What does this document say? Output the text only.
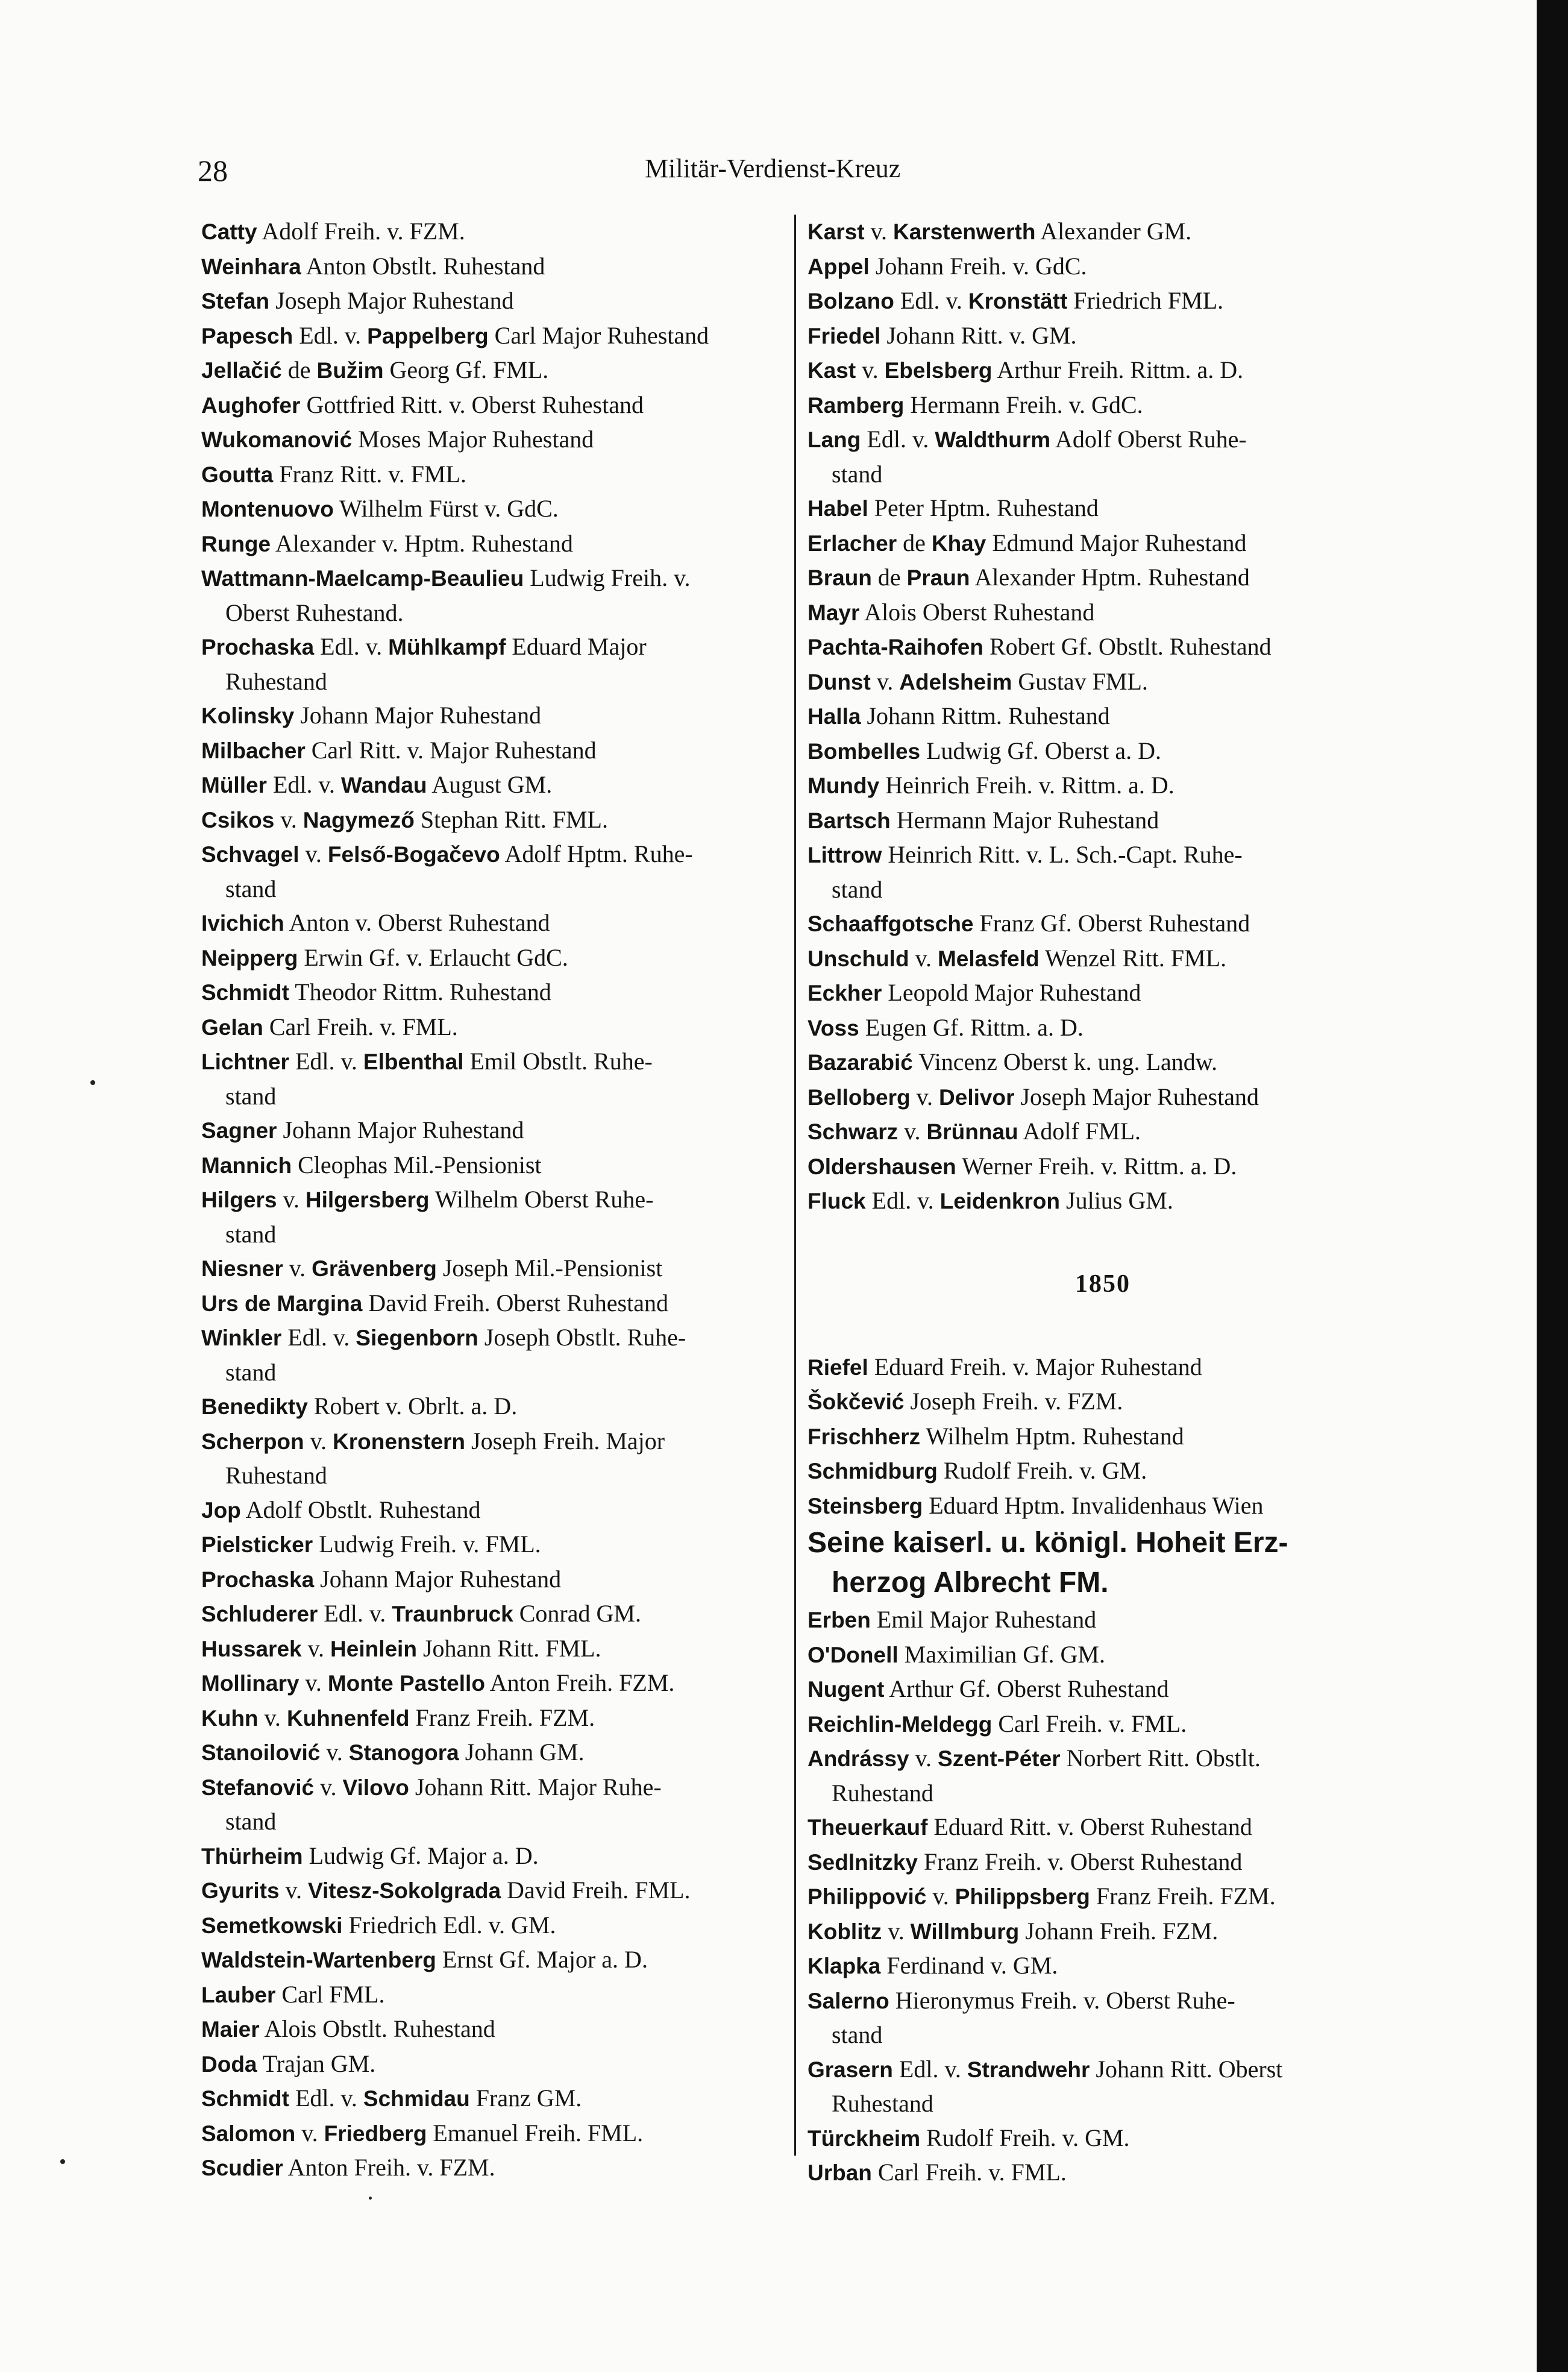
28	Militär-Verdienst-Kreuz
Catty Adolf Freih. v. FZM.
Weinhara Anton Obstlt. Ruhestand
Stefan Joseph Major Ruhestand
Papesch Edl. v. Pappelberg Carl Major Ruhestand
Jellačić de Bužim Georg Gf. FML.
Aughofer Gottfried Ritt. v. Oberst Ruhestand
Wukomanović Moses Major Ruhestand
Goutta Franz Ritt. v. FML.
Montenuovo Wilhelm Fürst v. GdC.
Runge Alexander v. Hptm. Ruhestand
Wattmann-Maelcamp-Beaulieu Ludwig Freih. v.
Oberst Ruhestand.
Prochaska Edl. v. Mühlkampf Eduard Major
Ruhestand
Kolinsky Johann Major Ruhestand
Milbacher Carl Ritt. v. Major Ruhestand
Müller Edl. v. Wandau August GM.
Csikos v. Nagymező Stephan Ritt. FML.
Schvagel v. Felső-Bogačevo Adolf Hptm. Ruhe-
stand
Ivichich Anton v. Oberst Ruhestand
Neipperg Erwin Gf. v. Erlaucht GdC.
Schmidt Theodor Rittm. Ruhestand
Gelan Carl Freih. v. FML.
Lichtner Edl. v. Elbenthal Emil Obstlt. Ruhe-
stand
Sagner Johann Major Ruhestand
Mannich Cleophas Mil.-Pensionist
Hilgers v. Hilgersberg Wilhelm Oberst Ruhe-
stand
Niesner v. Grävenberg Joseph Mil.-Pensionist
Urs de Margina David Freih. Oberst Ruhestand
Winkler Edl. v. Siegenborn Joseph Obstlt. Ruhe-
stand
Benedikty Robert v. Obrlt. a. D.
Scherpon v. Kronenstern Joseph Freih. Major
Ruhestand
Jop Adolf Obstlt. Ruhestand
Pielsticker Ludwig Freih. v. FML.
Prochaska Johann Major Ruhestand
Schluderer Edl. v. Traunbruck Conrad GM.
Hussarek v. Heinlein Johann Ritt. FML.
Mollinary v. Monte Pastello Anton Freih. FZM.
Kuhn v. Kuhnenfeld Franz Freih. FZM.
Stanoilović v. Stanogora Johann GM.
Stefanović v. Vilovo Johann Ritt. Major Ruhe-
stand
Thürheim Ludwig Gf. Major a. D.
Gyurits v. Vitesz-Sokolgrada David Freih. FML.
Semetkowski Friedrich Edl. v. GM.
Waldstein-Wartenberg Ernst Gf. Major a. D.
Lauber Carl FML.
Maier Alois Obstlt. Ruhestand
Doda Trajan GM.
Schmidt Edl. v. Schmidau Franz GM.
Salomon v. Friedberg Emanuel Freih. FML.
Scudier Anton Freih. v. FZM.
Karst v. Karstenwerth Alexander GM.
Appel Johann Freih. v. GdC.
Bolzano Edl. v. Kronstätt Friedrich FML.
Friedel Johann Ritt. v. GM.
Kast v. Ebelsberg Arthur Freih. Rittm. a. D.
Ramberg Hermann Freih. v. GdC.
Lang Edl. v. Waldthurm Adolf Oberst Ruhe-
stand
Habel Peter Hptm. Ruhestand
Erlacher de Khay Edmund Major Ruhestand
Braun de Praun Alexander Hptm. Ruhestand
Mayr Alois Oberst Ruhestand
Pachta-Raihofen Robert Gf. Obstlt. Ruhestand
Dunst v. Adelsheim Gustav FML.
Halla Johann Rittm. Ruhestand
Bombelles Ludwig Gf. Oberst a. D.
Mundy Heinrich Freih. v. Rittm. a. D.
Bartsch Hermann Major Ruhestand
Littrow Heinrich Ritt. v. L. Sch.-Capt. Ruhe-
stand
Schaaffgotsche Franz Gf. Oberst Ruhestand
Unschuld v. Melasfeld Wenzel Ritt. FML.
Eckher Leopold Major Ruhestand
Voss Eugen Gf. Rittm. a. D.
Bazarabić Vincenz Oberst k. ung. Landw.
Belloberg v. Delivor Joseph Major Ruhestand
Schwarz v. Brünnau Adolf FML.
Oldershausen Werner Freih. v. Rittm. a. D.
Fluck Edl. v. Leidenkron Julius GM.
1850
Riefel Eduard Freih. v. Major Ruhestand
Šokčević Joseph Freih. v. FZM.
Frischherz Wilhelm Hptm. Ruhestand
Schmidburg Rudolf Freih. v. GM.
Steinsberg Eduard Hptm. Invalidenhaus Wien
Seine kaiserl. u. königl. Hoheit Erz-
herzog Albrecht FM.
Erben Emil Major Ruhestand
O'Donell Maximilian Gf. GM.
Nugent Arthur Gf. Oberst Ruhestand
Reichlin-Meldegg Carl Freih. v. FML.
Andrássy v. Szent-Péter Norbert Ritt. Obstlt.
Ruhestand
Theuerkauf Eduard Ritt. v. Oberst Ruhestand
Sedlnitzky Franz Freih. v. Oberst Ruhestand
Philippović v. Philippsberg Franz Freih. FZM.
Koblitz v. Willmburg Johann Freih. FZM.
Klapka Ferdinand v. GM.
Salerno Hieronymus Freih. v. Oberst Ruhe-
stand
Grasern Edl. v. Strandwehr Johann Ritt. Oberst
Ruhestand
Türckheim Rudolf Freih. v. GM.
Urban Carl Freih. v. FML.
